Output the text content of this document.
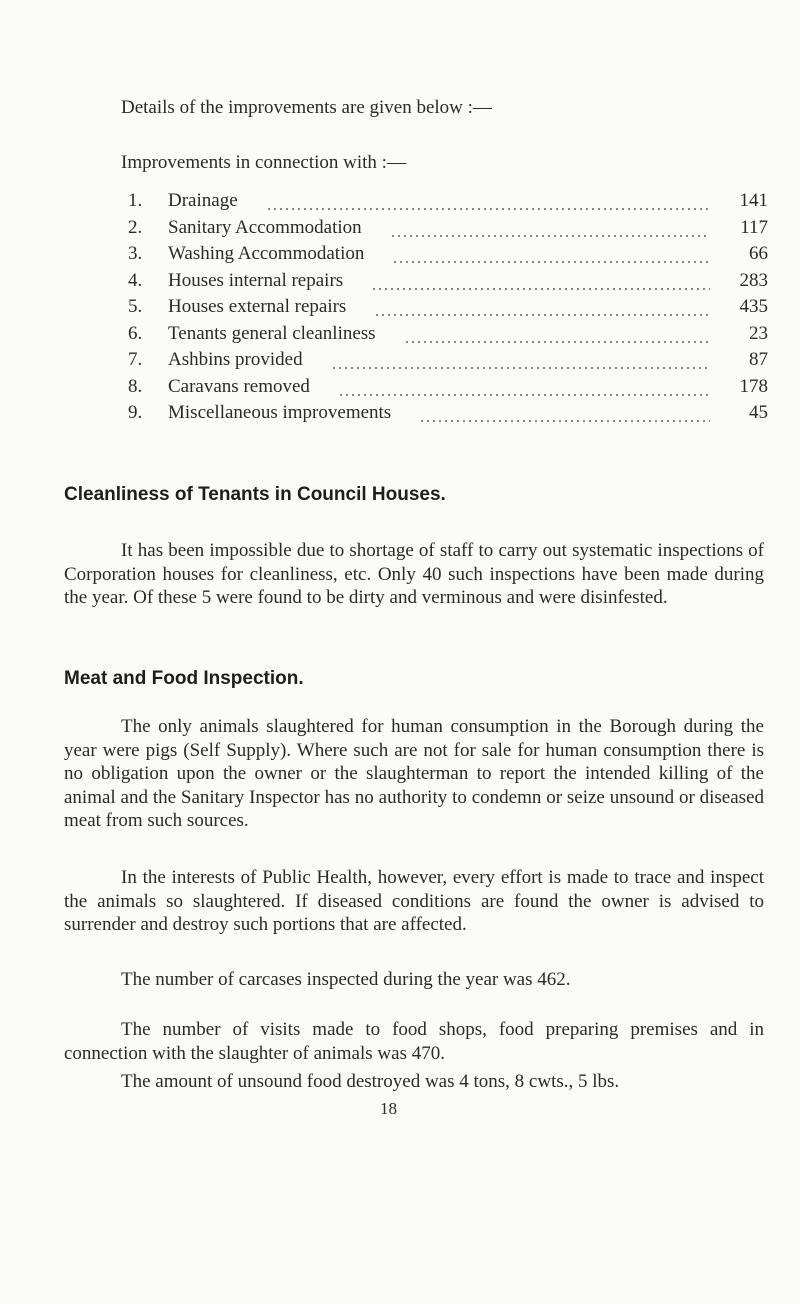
Details of the improvements are given below :—
Improvements in connection with :—
1.	Drainage	141
2.	Sanitary Accommodation	117
3.	Washing Accommodation	66
4.	Houses internal repairs	283
5.	Houses external repairs	435
6.	Tenants general cleanliness	23
7.	Ashbins provided	87
8.	Caravans removed	178
9.	Miscellaneous improvements	45
Cleanliness of Tenants in Council Houses.
It has been impossible due to shortage of staff to carry out systematic inspections of Corporation houses for cleanliness, etc. Only 40 such inspections have been made during the year. Of these 5 were found to be dirty and verminous and were disinfested.
Meat and Food Inspection.
The only animals slaughtered for human consumption in the Borough during the year were pigs (Self Supply). Where such are not for sale for human consumption there is no obligation upon the owner or the slaughterman to report the intended killing of the animal and the Sanitary Inspector has no authority to condemn or seize unsound or diseased meat from such sources.
In the interests of Public Health, however, every effort is made to trace and inspect the animals so slaughtered. If diseased conditions are found the owner is advised to surrender and destroy such portions that are affected.
The number of carcases inspected during the year was 462.
The number of visits made to food shops, food preparing premises and in connection with the slaughter of animals was 470.
The amount of unsound food destroyed was 4 tons, 8 cwts., 5 lbs.
18
